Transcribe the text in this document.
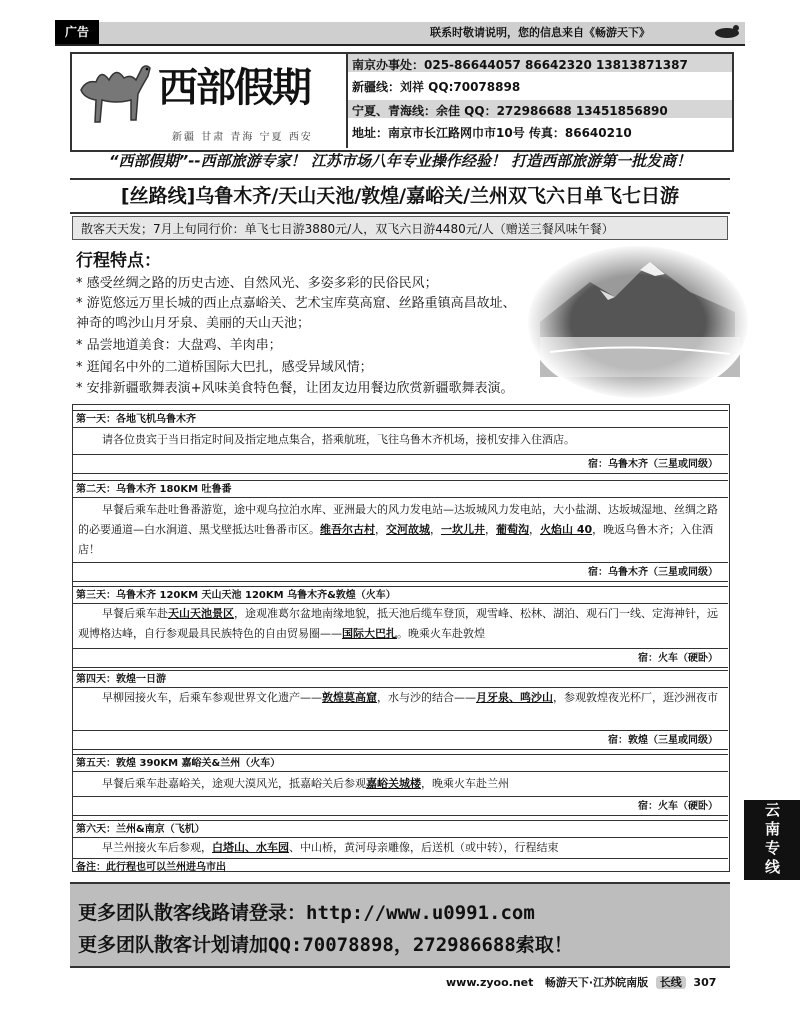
广告	联系时敬请说明，您的信息来自《畅游天下》
西部假期
新疆 甘肃 青海 宁夏 西安
南京办事处：025-86644057 86642320 13813871387
新疆线：刘祥 QQ:70078898
宁夏、青海线：余佳 QQ：272986688 13451856890
地址：南京市长江路网巾市10号 传真：86640210
“西部假期”--西部旅游专家！ 江苏市场八年专业操作经验！ 打造西部旅游第一批发商！
[丝路线]乌鲁木齐/天山天池/敦煌/嘉峪关/兰州双飞六日单飞七日游
散客天天发；7月上旬同行价：单飞七日游3880元/人，双飞六日游4480元/人（赠送三餐风味午餐）
行程特点：
* 感受丝绸之路的历史古迹、自然风光、多姿多彩的民俗民风；
* 游览悠远万里长城的西止点嘉峪关、艺术宝库莫高窟、丝路重镇高昌故址、
神奇的鸣沙山月牙泉、美丽的天山天池；
* 品尝地道美食：大盘鸡、羊肉串；
* 逛闻名中外的二道桥国际大巴扎，感受异域风情；
* 安排新疆歌舞表演+风味美食特色餐，让团友边用餐边欣赏新疆歌舞表演。
第一天：各地飞机乌鲁木齐
请各位贵宾于当日指定时间及指定地点集合，搭乘航班，飞往乌鲁木齐机场，接机安排入住酒店。
宿：乌鲁木齐（三星或同级）
第二天：乌鲁木齐 180KM 吐鲁番
早餐后乘车赴吐鲁番游览，途中观乌拉泊水库、亚洲最大的风力发电站—达坂城风力发电站，大小盐湖、达坂城湿地、丝绸之路的必要通道—白水涧道、黑戈壁抵达吐鲁番市区。维吾尔古村，交河故城，一坎儿井，葡萄沟，火焰山 40，晚返乌鲁木齐；入住酒店！
宿：乌鲁木齐（三星或同级）
第三天：乌鲁木齐 120KM 天山天池 120KM 乌鲁木齐&敦煌（火车）
早餐后乘车赴天山天池景区，途观准葛尔盆地南缘地貌，抵天池后缆车登顶，观雪峰、松林、湖泊、观石门一线、定海神针，远观博格达峰，自行参观最具民族特色的自由贸易圈——国际大巴扎。晚乘火车赴敦煌
宿：火车（硬卧）
第四天：敦煌一日游
早柳园接火车，后乘车参观世界文化遗产——敦煌莫高窟，水与沙的结合——月牙泉、鸣沙山，参观敦煌夜光杯厂，逛沙洲夜市
宿：敦煌（三星或同级）
第五天：敦煌 390KM 嘉峪关&兰州（火车）
早餐后乘车赴嘉峪关，途观大漠风光，抵嘉峪关后参观嘉峪关城楼，晚乘火车赴兰州
宿：火车（硬卧）
第六天：兰州&南京（飞机）
早兰州接火车后参观，白塔山、水车园、中山桥，黄河母亲雕像，后送机（或中转），行程结束
备注：此行程也可以兰州进乌市出	云南专线
更多团队散客线路请登录：http://www.u0991.com
更多团队散客计划请加QQ:70078898，272986688索取！
www.zyoo.net 畅游天下·江苏皖南版 长线 307
